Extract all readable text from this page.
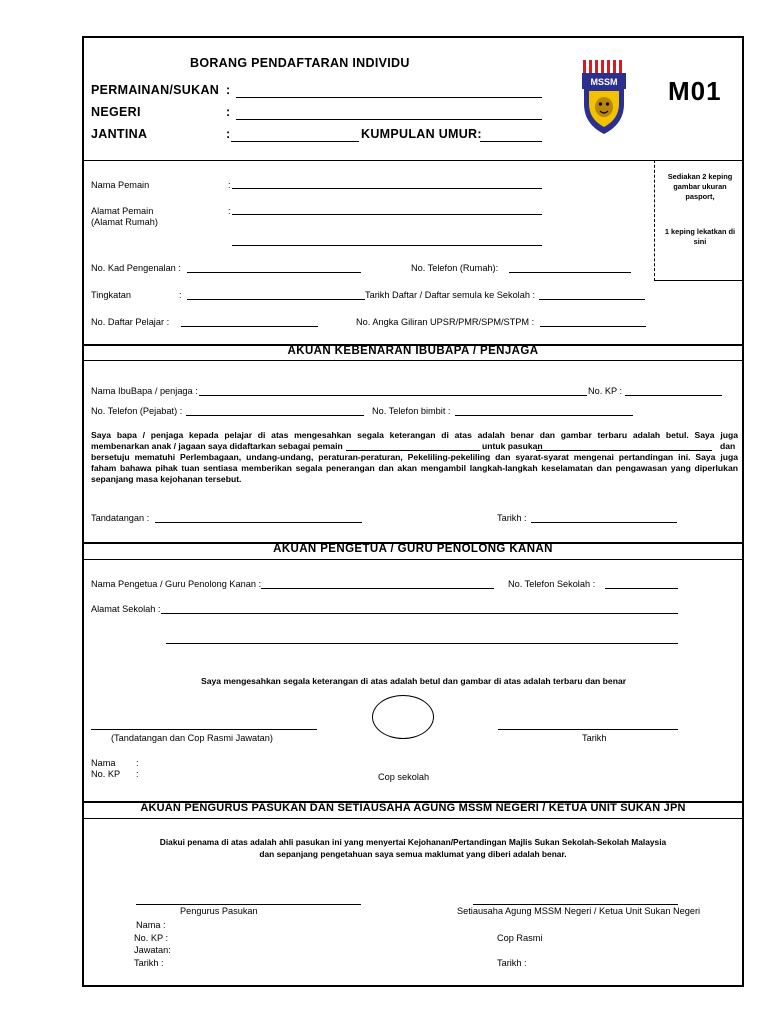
BORANG PENDAFTARAN INDIVIDU
PERMAINAN/SUKAN :
NEGERI	:
JANTINA	:	KUMPULAN UMUR:
MSSM M01
Nama Pemain	:
Alamat Pemain
(Alamat Rumah)
:
No. Kad Pengenalan :	No. Telefon (Rumah):
Tingkatan	:	Tarikh Daftar / Daftar semula ke Sekolah :
No. Daftar Pelajar :	No. Angka Giliran UPSR/PMR/SPM/STPM :
Sediakan 2 keping gambar ukuran pasport,
1 keping lekatkan di sini
AKUAN KEBENARAN IBUBAPA / PENJAGA
Nama IbuBapa / penjaga :	No. KP :
No. Telefon (Pejabat) :	No. Telefon bimbit :
Saya bapa / penjaga kepada pelajar di atas mengesahkan segala keterangan di atas adalah benar dan gambar terbaru adalah betul. Saya juga
membenarkan anak / jagaan saya didaftarkan sebagai pemain	untuk pasukan	dan
bersetuju mematuhi Perlembagaan, undang-undang, peraturan-peraturan, Pekeliling-pekeliling dan syarat-syarat mengenai pertandingan ini. Saya juga
faham bahawa pihak tuan sentiasa memberikan segala penerangan dan akan mengambil langkah-langkah keselamatan dan pengawasan yang diperlukan
sepanjang masa kejohanan tersebut.
Tandatangan :	Tarikh :
AKUAN PENGETUA / GURU PENOLONG KANAN
Nama Pengetua / Guru Penolong Kanan :	No. Telefon Sekolah :
Alamat Sekolah :
Saya mengesahkan segala keterangan di atas adalah betul dan gambar di atas adalah terbaru dan benar
(Tandatangan dan Cop Rasmi Jawatan)	Tarikh
Nama :
No. KP :	Cop sekolah
AKUAN PENGURUS PASUKAN DAN SETIAUSAHA AGUNG MSSM NEGERI / KETUA UNIT SUKAN JPN
Diakui penama di atas adalah ahli pasukan ini yang menyertai Kejohanan/Pertandingan Majlis Sukan Sekolah-Sekolah Malaysia
dan sepanjang pengetahuan saya semua maklumat yang diberi adalah benar.
Pengurus Pasukan	Setiausaha Agung MSSM Negeri / Ketua Unit Sukan Negeri
Nama :
No. KP :
Jawatan:
Tarikh :
Cop Rasmi
Tarikh :
